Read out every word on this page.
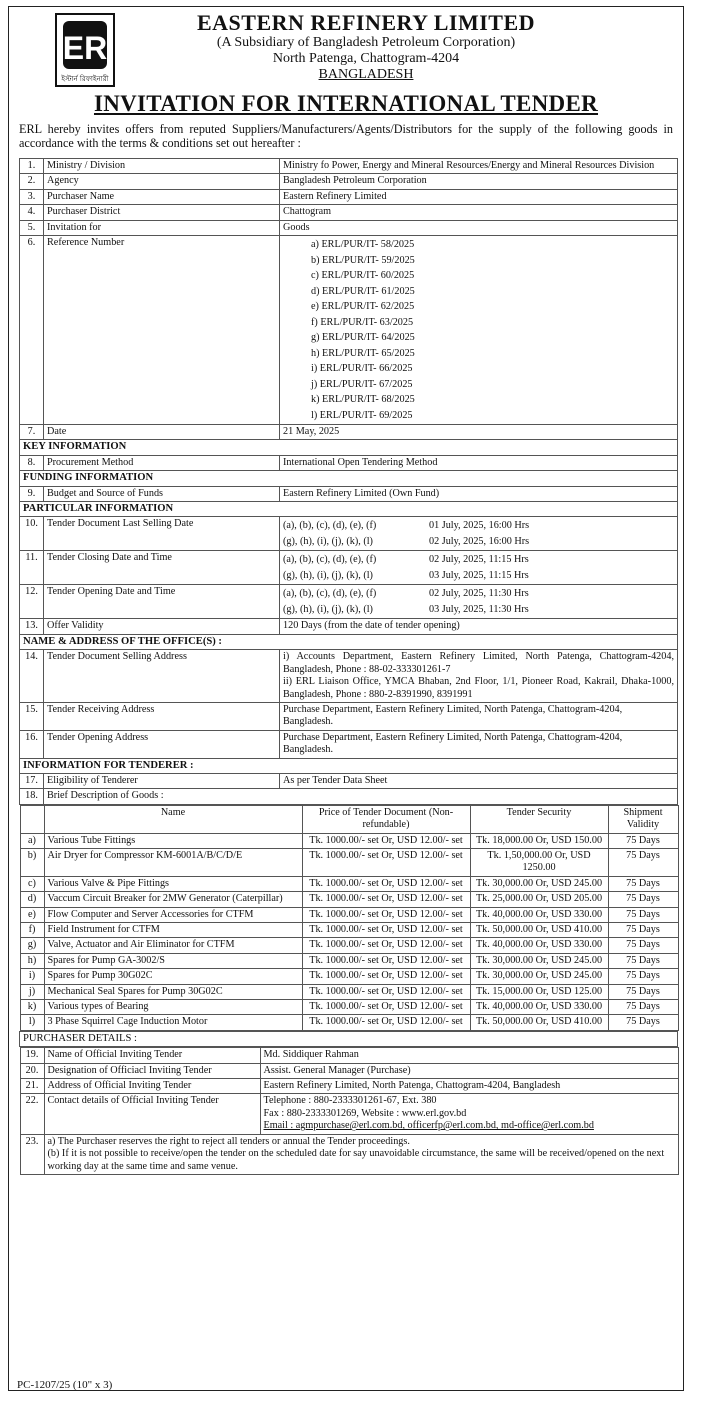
ER
ইস্টার্ন রিফাইনারী
EASTERN REFINERY LIMITED
(A Subsidiary of Bangladesh Petroleum Corporation)
North Patenga, Chattogram-4204
BANGLADESH
INVITATION FOR INTERNATIONAL TENDER
ERL hereby invites offers from reputed Suppliers/Manufacturers/Agents/Distributors for the supply of the following goods in accordance with the terms & conditions set out hereafter :
1.	Ministry / Division	Ministry fo Power, Energy and Mineral Resources/Energy and Mineral Resources Division
2.	Agency	Bangladesh Petroleum Corporation
3.	Purchaser Name	Eastern Refinery Limited
4.	Purchaser District	Chattogram
5.	Invitation for	Goods
6.	Reference Number	a) ERL/PUR/IT- 58/2025
b) ERL/PUR/IT- 59/2025
c) ERL/PUR/IT- 60/2025
d) ERL/PUR/IT- 61/2025
e) ERL/PUR/IT- 62/2025
f) ERL/PUR/IT- 63/2025
g) ERL/PUR/IT- 64/2025
h) ERL/PUR/IT- 65/2025
i) ERL/PUR/IT- 66/2025
j) ERL/PUR/IT- 67/2025
k) ERL/PUR/IT- 68/2025
l) ERL/PUR/IT- 69/2025

7.	Date	21 May, 2025
KEY INFORMATION
8.	Procurement Method	International Open Tendering Method
FUNDING INFORMATION
9.	Budget and Source of Funds	Eastern Refinery Limited (Own Fund)
PARTICULAR INFORMATION
10.	Tender Document Last Selling Date	(a), (b), (c), (d), (e), (f)	01 July, 2025, 16:00 Hrs
(g), (h), (i), (j), (k), (l)	02 July, 2025, 16:00 Hrs

11.	Tender Closing Date and Time	(a), (b), (c), (d), (e), (f)	02 July, 2025, 11:15 Hrs
(g), (h), (i), (j), (k), (l)	03 July, 2025, 11:15 Hrs

12.	Tender Opening Date and Time	(a), (b), (c), (d), (e), (f)	02 July, 2025, 11:30 Hrs
(g), (h), (i), (j), (k), (l)	03 July, 2025, 11:30 Hrs

13.	Offer Validity	120 Days (from the date of tender opening)
NAME & ADDRESS OF THE OFFICE(S) :
14.	Tender Document Selling Address	i) Accounts Department, Eastern Refinery Limited, North Patenga, Chattogram-4204, Bangladesh, Phone : 88-02-333301261-7
ii) ERL Liaison Office, YMCA Bhaban, 2nd Floor, 1/1, Pioneer Road, Kakrail, Dhaka-1000, Bangladesh, Phone : 880-2-8391990, 8391991

15.	Tender Receiving Address	Purchase Department, Eastern Refinery Limited, North Patenga, Chattogram-4204, Bangladesh.
16.	Tender Opening Address	Purchase Department, Eastern Refinery Limited, North Patenga, Chattogram-4204, Bangladesh.
INFORMATION FOR TENDERER :
17.	Eligibility of Tenderer	As per Tender Data Sheet
18.	Brief Description of Goods :

	Name	Price of Tender Document (Non-refundable)	Tender Security	Shipment Validity
a)	Various Tube Fittings	Tk. 1000.00/- set Or, USD 12.00/- set	Tk. 18,000.00 Or, USD 150.00	75 Days
b)	Air Dryer for Compressor KM-6001A/B/C/D/E	Tk. 1000.00/- set Or, USD 12.00/- set	Tk. 1,50,000.00 Or, USD 1250.00	75 Days
c)	Various Valve & Pipe Fittings	Tk. 1000.00/- set Or, USD 12.00/- set	Tk. 30,000.00 Or, USD 245.00	75 Days
d)	Vaccum Circuit Breaker for 2MW Generator (Caterpillar)	Tk. 1000.00/- set Or, USD 12.00/- set	Tk. 25,000.00 Or, USD 205.00	75 Days
e)	Flow Computer and Server Accessories for CTFM	Tk. 1000.00/- set Or, USD 12.00/- set	Tk. 40,000.00 Or, USD 330.00	75 Days
f)	Field Instrument for CTFM	Tk. 1000.00/- set Or, USD 12.00/- set	Tk. 50,000.00 Or, USD 410.00	75 Days
g)	Valve, Actuator and Air Eliminator for CTFM	Tk. 1000.00/- set Or, USD 12.00/- set	Tk. 40,000.00 Or, USD 330.00	75 Days
h)	Spares for Pump GA-3002/S	Tk. 1000.00/- set Or, USD 12.00/- set	Tk. 30,000.00 Or, USD 245.00	75 Days
i)	Spares for Pump 30G02C	Tk. 1000.00/- set Or, USD 12.00/- set	Tk. 30,000.00 Or, USD 245.00	75 Days
j)	Mechanical Seal Spares for Pump 30G02C	Tk. 1000.00/- set Or, USD 12.00/- set	Tk. 15,000.00 Or, USD 125.00	75 Days
k)	Various types of Bearing	Tk. 1000.00/- set Or, USD 12.00/- set	Tk. 40,000.00 Or, USD 330.00	75 Days
l)	3 Phase Squirrel Cage Induction Motor	Tk. 1000.00/- set Or, USD 12.00/- set	Tk. 50,000.00 Or, USD 410.00	75 Days

PURCHASER DETAILS :

19.	Name of Official Inviting Tender	Md. Siddiquer Rahman
20.	Designation of Officiacl Inviting Tender	Assist. General Manager (Purchase)
21.	Address of Official Inviting Tender	Eastern Refinery Limited, North Patenga, Chattogram-4204, Bangladesh
22.	Contact details of Official Inviting Tender	Telephone : 880-2333301261-67, Ext. 380
Fax : 880-2333301269, Website : www.erl.gov.bd
Email : agmpurchase@erl.com.bd, officerfp@erl.com.bd, md-office@erl.com.bd

23.	a) The Purchaser reserves the right to reject all tenders or annual the Tender proceedings.
(b) If it is not possible to receive/open the tender on the scheduled date for say unavoidable circumstance, the same will be received/opened on the next working day at the same time and same venue.
PC-1207/25 (10" x 3)
